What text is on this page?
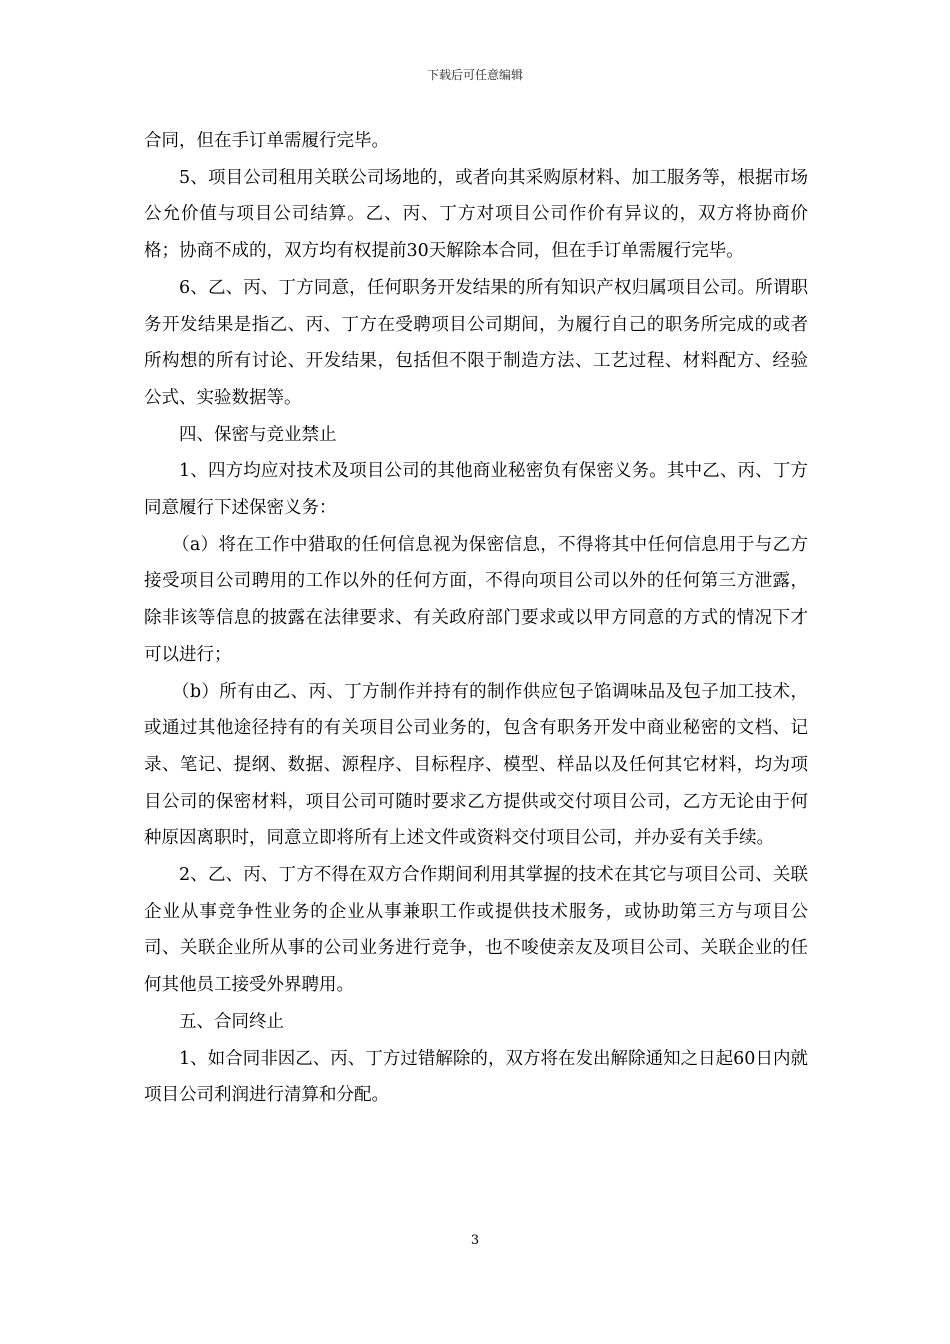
下载后可任意编辑

合同，但在手订单需履行完毕。

5、项目公司租用关联公司场地的，或者向其采购原材料、加工服务等，根据市场公允价值与项目公司结算。乙、丙、丁方对项目公司作价有异议的，双方将协商价格；协商不成的，双方均有权提前30天解除本合同，但在手订单需履行完毕。

6、乙、丙、丁方同意，任何职务开发结果的所有知识产权归属项目公司。所谓职务开发结果是指乙、丙、丁方在受聘项目公司期间，为履行自己的职务所完成的或者所构想的所有讨论、开发结果，包括但不限于制造方法、工艺过程、材料配方、经验公式、实验数据等。

四、保密与竞业禁止

1、四方均应对技术及项目公司的其他商业秘密负有保密义务。其中乙、丙、丁方同意履行下述保密义务：

（a）将在工作中猎取的任何信息视为保密信息，不得将其中任何信息用于与乙方接受项目公司聘用的工作以外的任何方面，不得向项目公司以外的任何第三方泄露，除非该等信息的披露在法律要求、有关政府部门要求或以甲方同意的方式的情况下才可以进行；

（b）所有由乙、丙、丁方制作并持有的制作供应包子馅调味品及包子加工技术，或通过其他途径持有的有关项目公司业务的，包含有职务开发中商业秘密的文档、记录、笔记、提纲、数据、源程序、目标程序、模型、样品以及任何其它材料，均为项目公司的保密材料，项目公司可随时要求乙方提供或交付项目公司，乙方无论由于何种原因离职时，同意立即将所有上述文件或资料交付项目公司，并办妥有关手续。

2、乙、丙、丁方不得在双方合作期间利用其掌握的技术在其它与项目公司、关联企业从事竞争性业务的企业从事兼职工作或提供技术服务，或协助第三方与项目公司、关联企业所从事的公司业务进行竞争，也不唆使亲友及项目公司、关联企业的任何其他员工接受外界聘用。

五、合同终止

1、如合同非因乙、丙、丁方过错解除的，双方将在发出解除通知之日起60日内就项目公司利润进行清算和分配。

3
